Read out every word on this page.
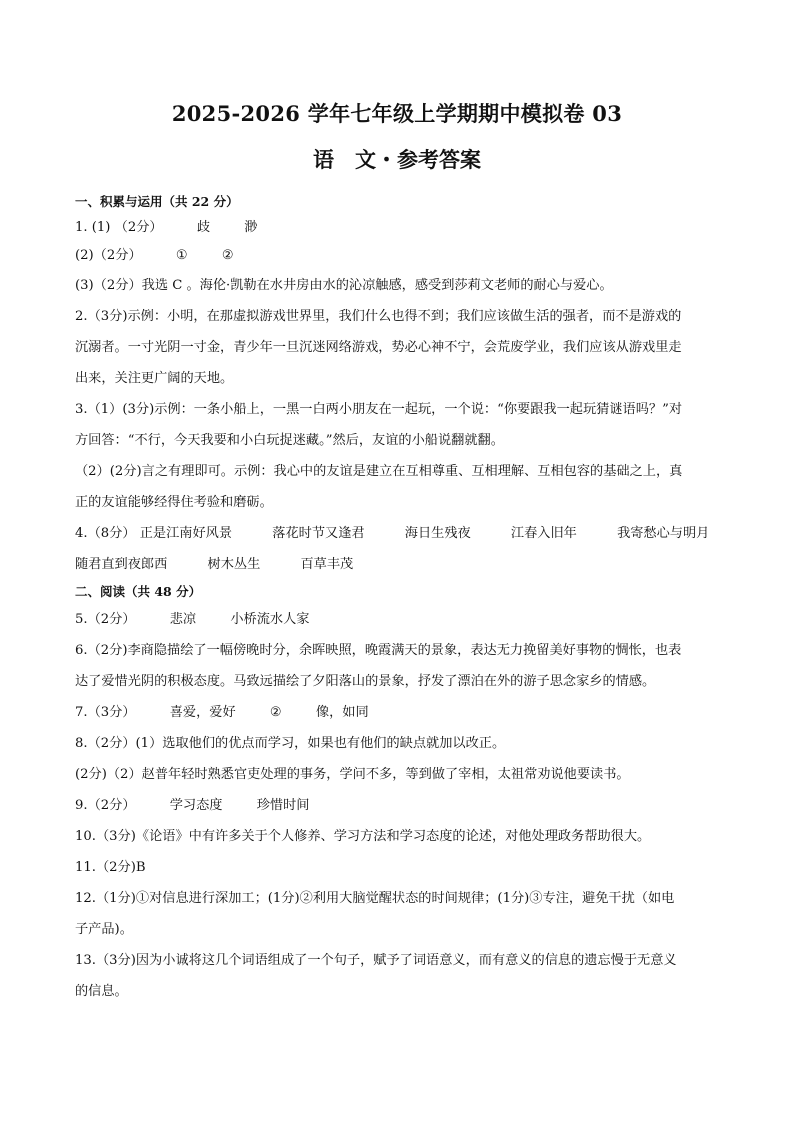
2025-2026 学年七年级上学期期中模拟卷 03
语　文・参考答案
一、积累与运用（共 22 分）
1. (1) （2分）	歧	渺
(2)（2分）	①	②
(3)（2分）我选 C 。海伦·凯勒在水井房由水的沁凉触感，感受到莎莉文老师的耐心与爱心。
2.（3分)示例：小明，在那虚拟游戏世界里，我们什么也得不到；我们应该做生活的强者，而不是游戏的
沉溺者。一寸光阴一寸金，青少年一旦沉迷网络游戏，势必心神不宁，会荒废学业，我们应该从游戏里走
出来，关注更广阔的天地。
3.（1）(3分)示例：一条小船上，一黑一白两小朋友在一起玩，一个说：“你要跟我一起玩猜谜语吗？”对
方回答：“不行，今天我要和小白玩捉迷藏。”然后，友谊的小船说翻就翻。
（2）(2分)言之有理即可。示例：我心中的友谊是建立在互相尊重、互相理解、互相包容的基础之上，真
正的友谊能够经得住考验和磨砺。
4.（8分） 正是江南好风景	落花时节又逢君	海日生残夜	江春入旧年	我寄愁心与明月
随君直到夜郎西	树木丛生	百草丰茂
二、阅读（共 48 分）
5.（2分）	悲凉	小桥流水人家
6.（2分)李商隐描绘了一幅傍晚时分，余晖映照，晚霞满天的景象，表达无力挽留美好事物的惆怅，也表
达了爱惜光阴的积极态度。马致远描绘了夕阳落山的景象，抒发了漂泊在外的游子思念家乡的情感。
7.（3分）	喜爱，爱好	②	像，如同
8.（2分）(1）选取他们的优点而学习，如果也有他们的缺点就加以改正。
(2分)（2）赵普年轻时熟悉官吏处理的事务，学问不多，等到做了宰相，太祖常劝说他要读书。
9.（2分）	学习态度	珍惜时间
10.（3分)《论语》中有许多关于个人修养、学习方法和学习态度的论述，对他处理政务帮助很大。
11.（2分)B
12.（1分)①对信息进行深加工；(1分)②利用大脑觉醒状态的时间规律；(1分)③专注，避免干扰（如电
子产品)。
13.（3分)因为小诚将这几个词语组成了一个句子，赋予了词语意义，而有意义的信息的遗忘慢于无意义
的信息。
